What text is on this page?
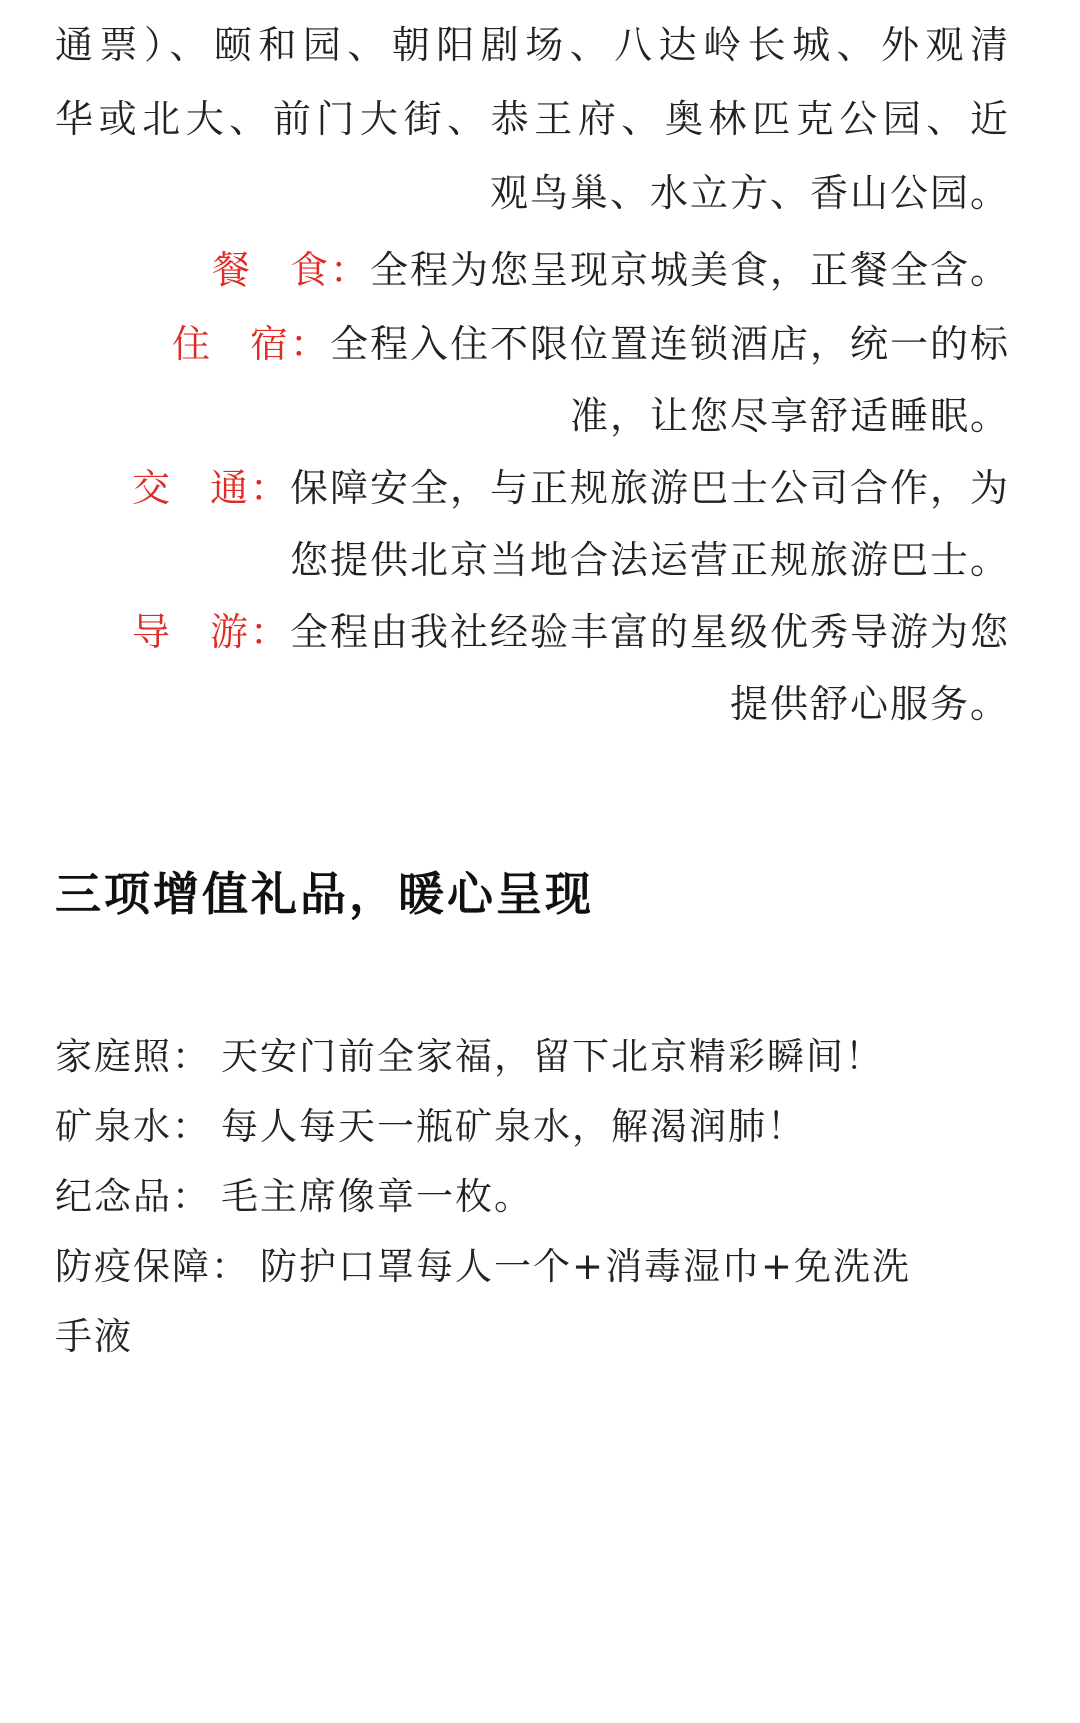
通票）、颐和园、朝阳剧场、八达岭长城、外观清
华或北大、前门大街、恭王府、奥林匹克公园、近
观鸟巢、水立方、香山公园。
餐 食： 全程为您呈现京城美食，正餐全含。
住 宿： 全程入住不限位置连锁酒店，统一的标
准，让您尽享舒适睡眠。
交 通： 保障安全，与正规旅游巴士公司合作，为
您提供北京当地合法运营正规旅游巴士。
导 游： 全程由我社经验丰富的星级优秀导游为您
提供舒心服务。
三项增值礼品，暖心呈现
家庭照： 天安门前全家福，留下北京精彩瞬间！
矿泉水： 每人每天一瓶矿泉水，解渴润肺！
纪念品： 毛主席像章一枚。
防疫保障： 防护口罩每人一个+消毒湿巾+免洗洗
手液
